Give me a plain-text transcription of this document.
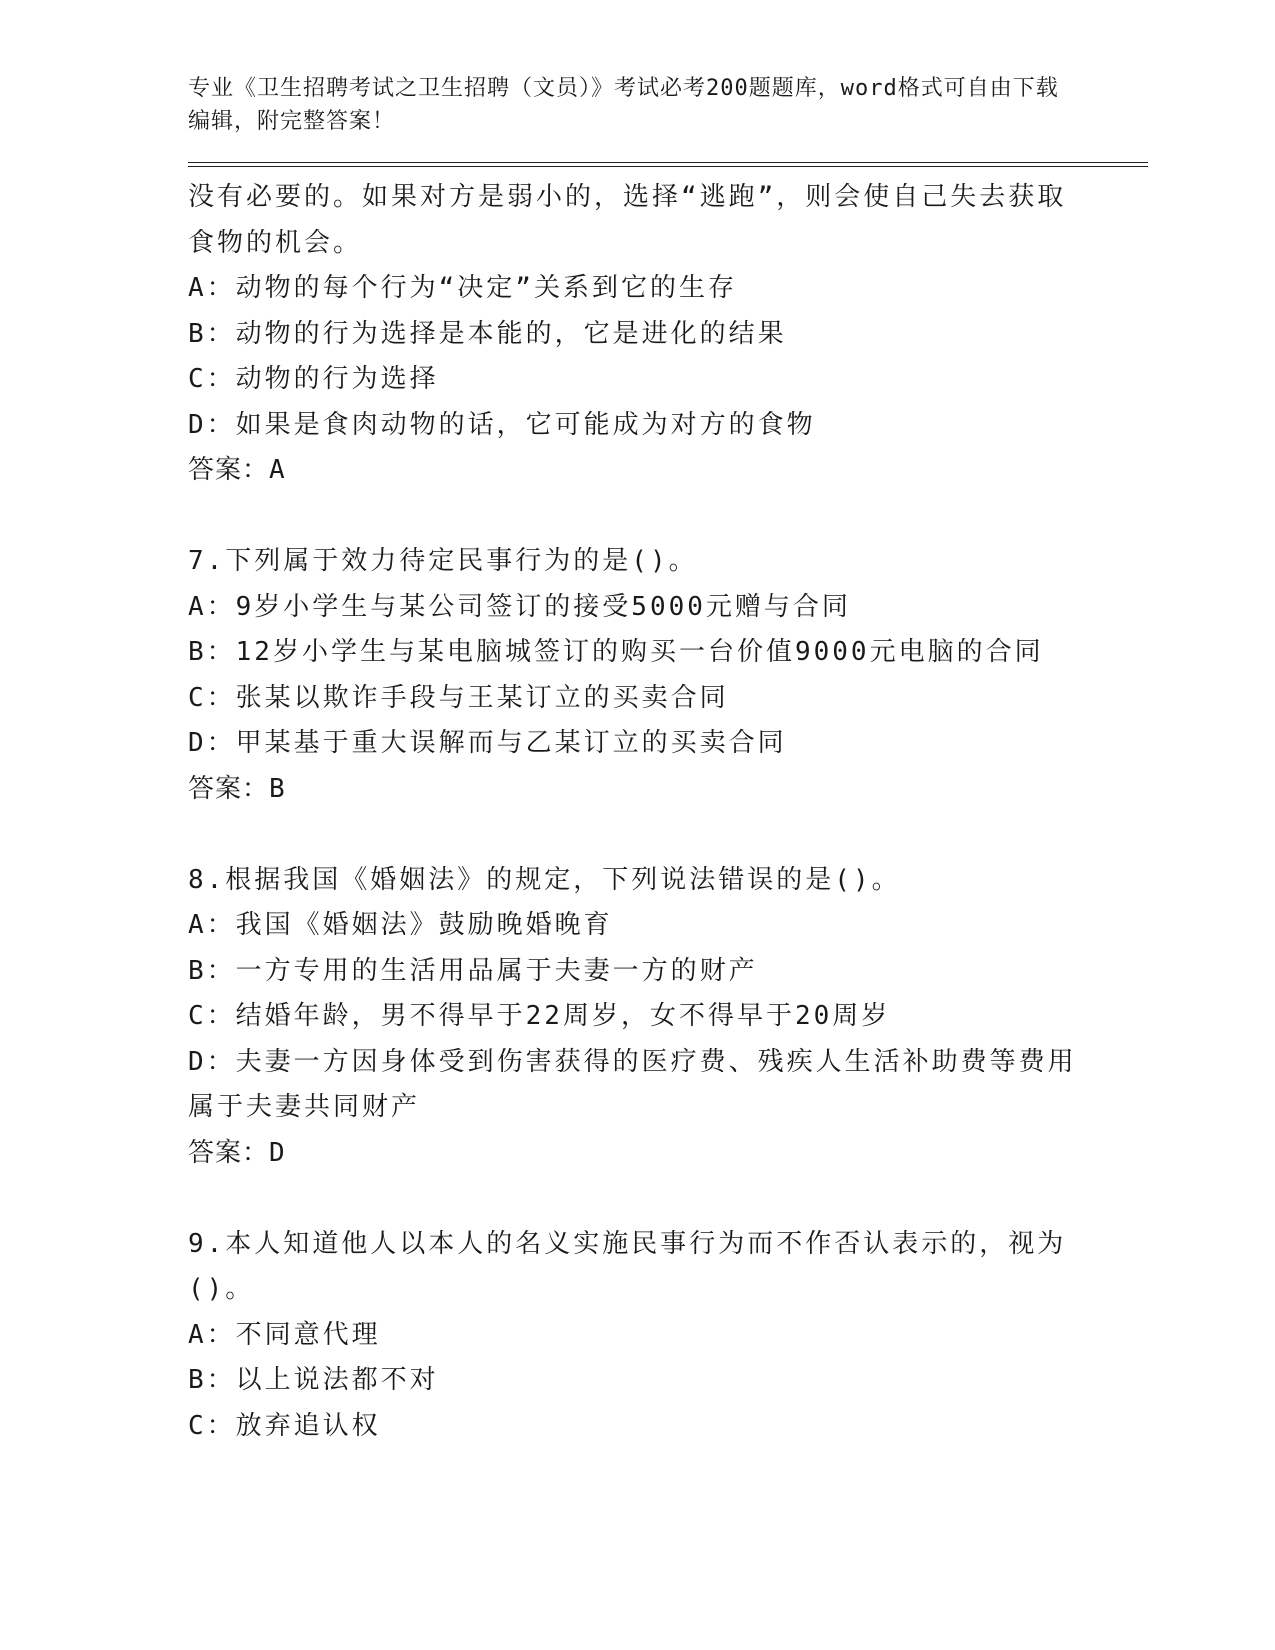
专业《卫生招聘考试之卫生招聘（文员）》考试必考200题题库，word格式可自由下载编辑，附完整答案！
没有必要的。如果对方是弱小的，选择“逃跑”，则会使自己失去获取食物的机会。
A：动物的每个行为“决定”关系到它的生存
B：动物的行为选择是本能的，它是进化的结果
C：动物的行为选择
D：如果是食肉动物的话，它可能成为对方的食物
答案：A
7.下列属于效力待定民事行为的是()。
A：9岁小学生与某公司签订的接受5000元赠与合同
B：12岁小学生与某电脑城签订的购买一台价值9000元电脑的合同
C：张某以欺诈手段与王某订立的买卖合同
D：甲某基于重大误解而与乙某订立的买卖合同
答案：B
8.根据我国《婚姻法》的规定，下列说法错误的是()。
A：我国《婚姻法》鼓励晚婚晚育
B：一方专用的生活用品属于夫妻一方的财产
C：结婚年龄，男不得早于22周岁，女不得早于20周岁
D：夫妻一方因身体受到伤害获得的医疗费、残疾人生活补助费等费用属于夫妻共同财产
答案：D
9.本人知道他人以本人的名义实施民事行为而不作否认表示的，视为()。
A：不同意代理
B：以上说法都不对
C：放弃追认权
